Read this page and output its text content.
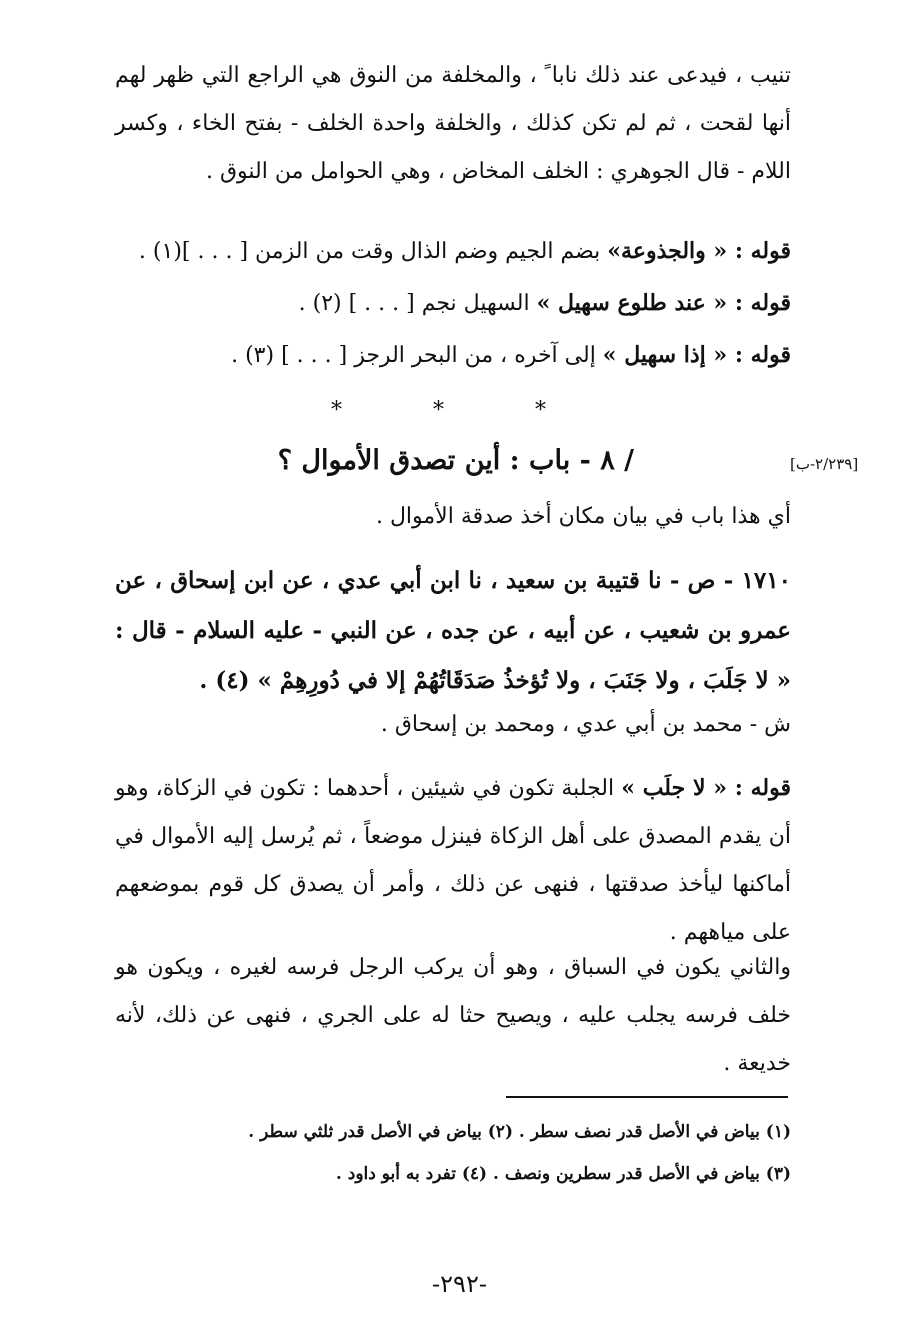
تنيب ، فيدعى عند ذلك نابا ً ، والمخلفة من النوق هي الراجع التي ظهر لهم أنها لقحت ، ثم لم تكن كذلك ، والخلفة واحدة الخلف - بفتح الخاء ، وكسر اللام - قال الجوهري : الخلف المخاض ، وهي الحوامل من النوق .
قوله : « والجذوعة» بضم الجيم وضم الذال وقت من الزمن [ . . . ](١) .
قوله : « عند طلوع سهيل » السهيل نجم [ . . . ] (٢) .
قوله : « إذا سهيل » إلى آخره ، من البحر الرجز [ . . . ] (٣) .
* * *
[٢/٢٣٩-ب]
/ ٨ - باب : أين تصدق الأموال ؟
أي هذا باب في بيان مكان أخذ صدقة الأموال .
١٧١٠ - ص - نا قتيبة بن سعيد ، نا ابن أبي عدي ، عن ابن إسحاق ، عن عمرو بن شعيب ، عن أبيه ، عن جده ، عن النبي - عليه السلام - قال : « لا جَلَبَ ، ولا جَنَبَ ، ولا تُؤخذُ صَدَقَاتُهُمْ إلا في دُورِهِمْ » (٤) .
ش - محمد بن أبي عدي ، ومحمد بن إسحاق .
قوله : « لا جلَب » الجلبة تكون في شيئين ، أحدهما : تكون في الزكاة، وهو أن يقدم المصدق على أهل الزكاة فينزل موضعاً ، ثم يُرسل إليه الأموال في أماكنها ليأخذ صدقتها ، فنهى عن ذلك ، وأمر أن يصدق كل قوم بموضعهم على مياههم .
والثاني يكون في السباق ، وهو أن يركب الرجل فرسه لغيره ، ويكون هو خلف فرسه يجلب عليه ، ويصيح حثا له على الجري ، فنهى عن ذلك، لأنه خديعة .
(١) بياض في الأصل قدر نصف سطر . (٢) بياض في الأصل قدر ثلثي سطر .
(٣) بياض في الأصل قدر سطرين ونصف . (٤) تفرد به أبو داود .
-٢٩٢-
